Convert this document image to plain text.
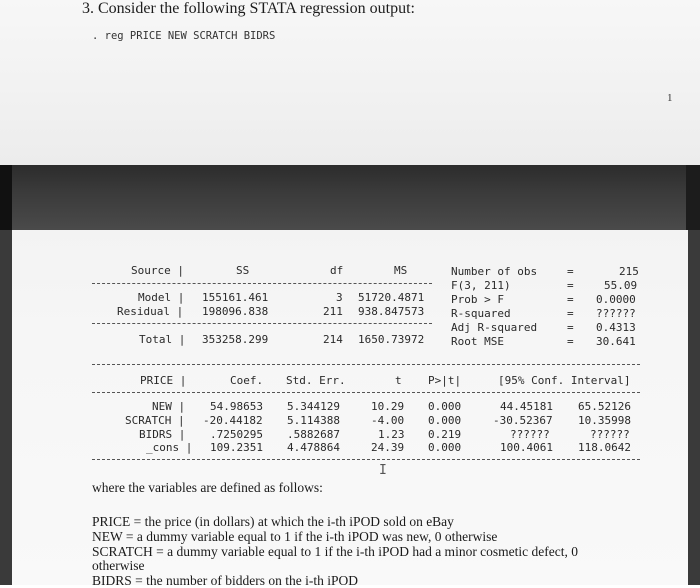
3. Consider the following STATA regression output:
. reg PRICE NEW SCRATCH BIDRS
1
Source |	SS	df	MS
Model | 155161.461	3 51720.4871
Residual | 198096.838	211 938.847573
Total | 353258.299	214 1650.73972
Number of obs	=	215
F(3, 211)	=	55.09
Prob > F	= 0.0000
R-squared	= ??????
Adj R-squared	= 0.4313
Root MSE	= 30.641
PRICE |	Coef. Std. Err.	t P>|t|	[95% Conf. Interval]
NEW | 54.98653 5.344129	10.29 0.000	44.45181 65.52126
SCRATCH | -20.44182 5.114388	-4.00 0.000	-30.52367 10.35998
BIDRS | .7250295 .5882687	1.23 0.219	??????	??????
_cons | 109.2351 4.478864	24.39 0.000	100.4061 118.0642
I
where the variables are defined as follows:
PRICE = the price (in dollars) at which the i-th iPOD sold on eBay
NEW = a dummy variable equal to 1 if the i-th iPOD was new, 0 otherwise
SCRATCH = a dummy variable equal to 1 if the i-th iPOD had a minor cosmetic defect, 0
otherwise
BIDRS = the number of bidders on the i-th iPOD
